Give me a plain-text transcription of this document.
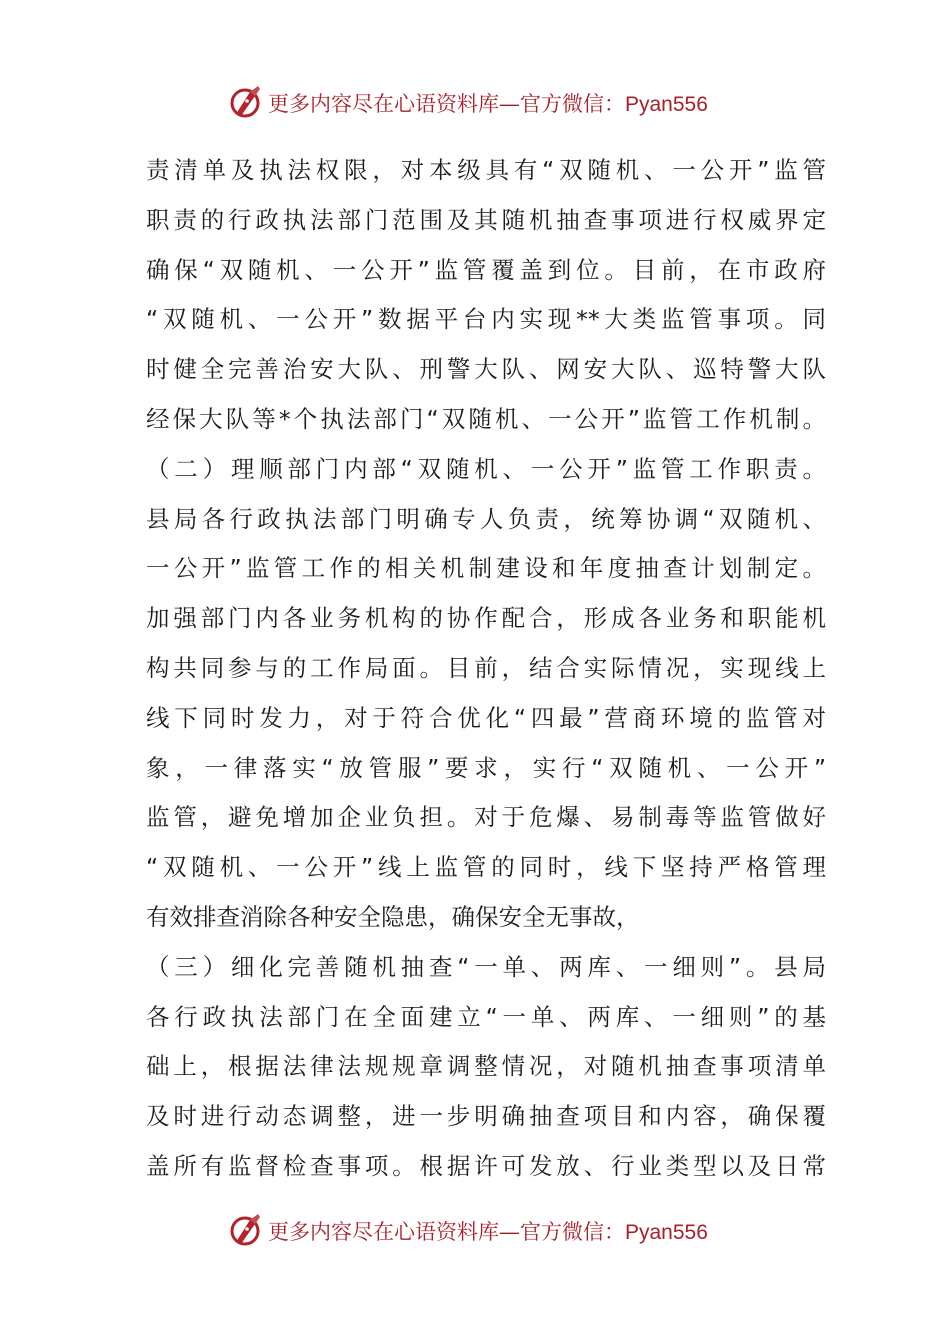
更多内容尽在心语资料库—官方微信：Pyan556
责清单及执法权限，对本级具有“双随机、一公开”监管
职责的行政执法部门范围及其随机抽查事项进行权威界定
确保“双随机、一公开”监管覆盖到位。目前，在市政府
“双随机、一公开”数据平台内实现**大类监管事项。同
时健全完善治安大队、刑警大队、网安大队、巡特警大队
经保大队等*个执法部门“双随机、一公开”监管工作机制。
（二）理顺部门内部“双随机、一公开”监管工作职责。
县局各行政执法部门明确专人负责，统筹协调“双随机、
一公开”监管工作的相关机制建设和年度抽查计划制定。
加强部门内各业务机构的协作配合，形成各业务和职能机
构共同参与的工作局面。目前，结合实际情况，实现线上
线下同时发力，对于符合优化“四最”营商环境的监管对
象，一律落实“放管服”要求，实行“双随机、一公开”
监管，避免增加企业负担。对于危爆、易制毒等监管做好
“双随机、一公开”线上监管的同时，线下坚持严格管理
有效排查消除各种安全隐患，确保安全无事故，
（三）细化完善随机抽查“一单、两库、一细则”。县局
各行政执法部门在全面建立“一单、两库、一细则”的基
础上，根据法律法规规章调整情况，对随机抽查事项清单
及时进行动态调整，进一步明确抽查项目和内容，确保覆
盖所有监督检查事项。根据许可发放、行业类型以及日常
更多内容尽在心语资料库—官方微信：Pyan556
